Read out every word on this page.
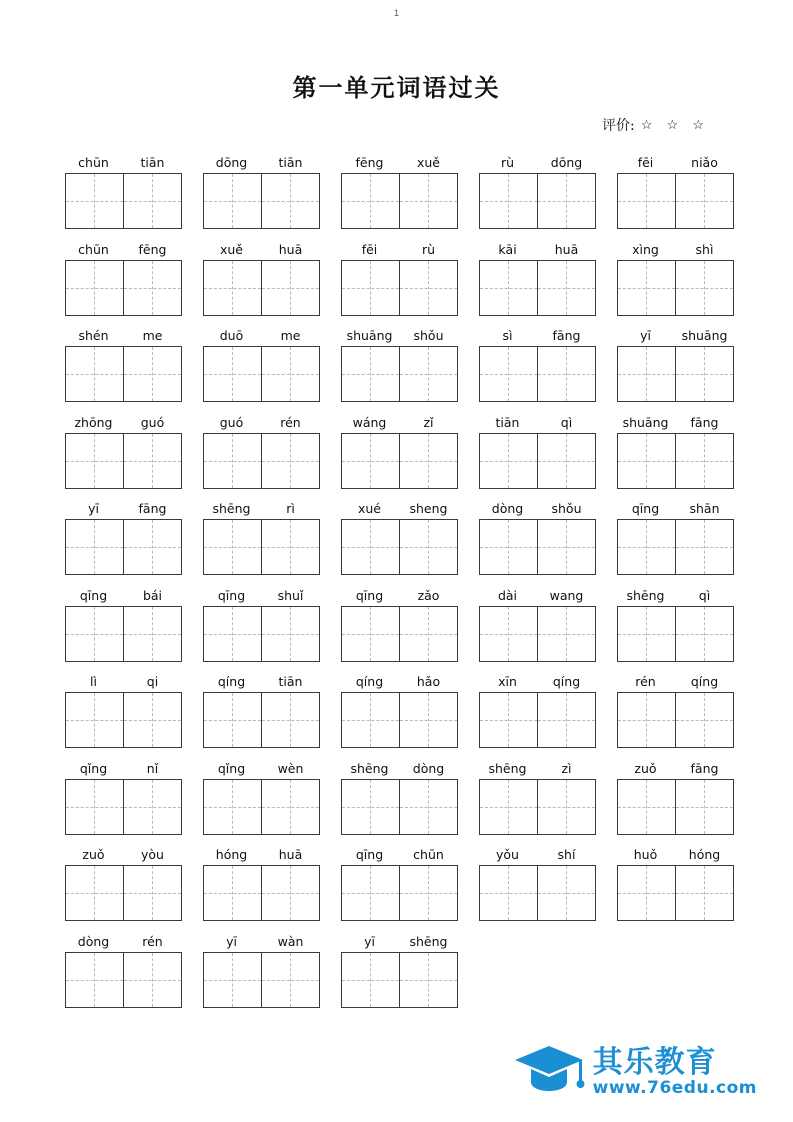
1
第一单元词语过关
评价: ☆ ☆ ☆
chūn	tiān	dōng	tiān	fēng	xuě	rù	dōng	fēi	niǎo
chūn	fēng	xuě	huā	fēi	rù	kāi	huā	xìng	shì
shén	me	duō	me	shuāng	shǒu	sì	fāng	yī	shuāng
zhōng	guó	guó	rén	wáng	zǐ	tiān	qì	shuāng	fāng
yī	fāng	shēng	rì	xué	sheng	dòng	shǒu	qīng	shān
qīng	bái	qīng	shuǐ	qīng	zǎo	dài	wang	shēng	qì
lì	qi	qíng	tiān	qíng	hǎo	xīn	qíng	rén	qíng
qǐng	nǐ	qǐng	wèn	shēng	dòng	shēng	zì	zuǒ	fāng
zuǒ	yòu	hóng	huā	qīng	chūn	yǒu	shí	huǒ	hóng
dòng	rén	yī	wàn	yī	shēng
其乐教育
www.76edu.com
